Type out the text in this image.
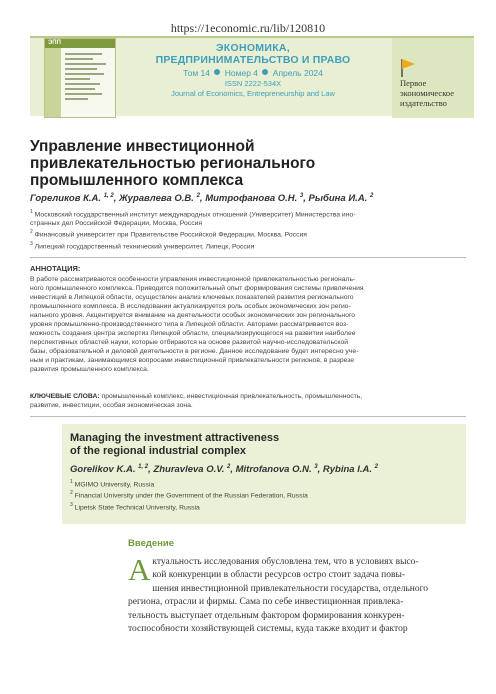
https://1economic.ru/lib/120810
ЭПП	ЭКОНОМИКА,
ПРЕДПРИНИМАТЕЛЬСТВО И ПРАВО
Том 14 Номер 4 Апрель 2024
ISSN 2222-534X
Journal of Economics, Entrepreneurship and Law
Первое
экономическое
издательство
Управление инвестиционной
привлекательностью регионального
промышленного комплекса
Гореликов К.А. $^{1, 2}$, Журавлева О.В. $^2$, Митрофанова О.Н. $^3$, Рыбина И.А. $^2$
$^1$ Московский государственный институт международных отношений (Университет) Министерства ино-
странных дел Российской Федерации, Москва, Россия
$^2$ Финансовый университет при Правительстве Российской Федерации, Москва, Россия
$^3$ Липецкий государственный технический университет, Липецк, Россия
АННОТАЦИЯ:
В работе рассматриваются особенности управления инвестиционной привлекательностью региональ-
ного промышленного комплекса. Приводится положительный опыт формирования системы привлечения
инвестиций в Липецкой области, осуществлен анализ ключевых показателей развития регионального
промышленного комплекса. В исследовании актуализируется роль особых экономических зон регио-
нального уровня. Акцентируется внимание на деятельности особых экономических зон регионального
уровня промышленно-производственного типа в Липецкой области. Авторами рассматривается воз-
можность создания центра экспертиз Липецкой области, специализирующегося на развитии наиболее
перспективных областей науки, которые отбираются на основе развитой научно-исследовательской
базы, образовательной и деловой деятельности в регионе. Данное исследование будет интересно уче-
ным и практикам, занимающимся вопросами инвестиционной привлекательности регионов, в разрезе
развития промышленного комплекса.
КЛЮЧЕВЫЕ СЛОВА: промышленный комплекс, инвестиционная привлекательность, промышленность,
развитие, инвестиции, особая экономическая зона.
Managing the investment attractiveness
of the regional industrial complex
Gorelikov K.A. $^{1, 2}$, Zhuravleva O.V. $^2$, Mitrofanova O.N. $^3$, Rybina I.A. $^2$
$^1$ MGIMO University, Russia
$^2$ Financial University under the Government of the Russian Federation, Russia
$^3$ Lipetsk State Technical University, Russia
Введение
А ктуальность исследования обусловлена тем, что в условиях высо-
кой конкуренции в области ресурсов остро стоит задача повы-
шения инвестиционной привлекательности государства, отдельного
региона, отрасли и фирмы. Сама по себе инвестиционная привлека-
тельность выступает отдельным фактором формирования конкурен-
тоспособности хозяйствующей системы, куда также входит и фактор
